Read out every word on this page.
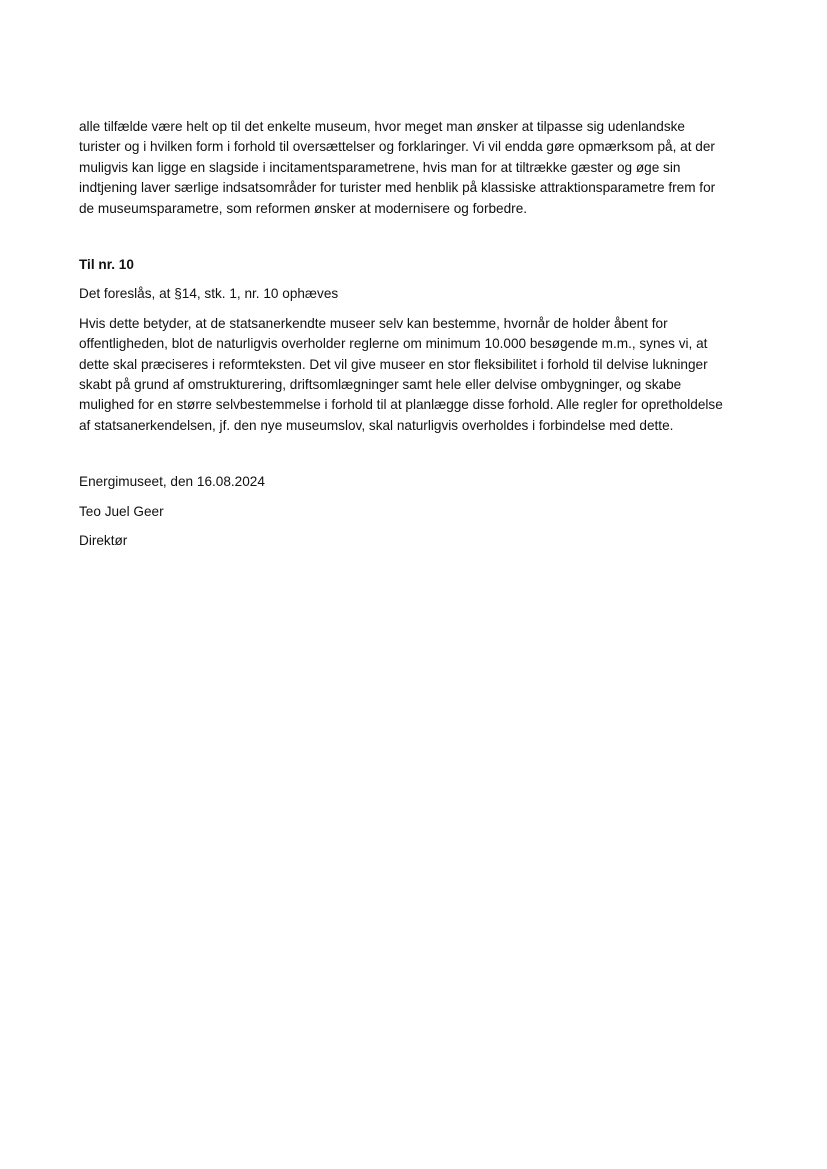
alle tilfælde være helt op til det enkelte museum, hvor meget man ønsker at tilpasse sig udenlandske
turister og i hvilken form i forhold til oversættelser og forklaringer. Vi vil endda gøre opmærksom på, at der
muligvis kan ligge en slagside i incitamentsparametrene, hvis man for at tiltrække gæster og øge sin
indtjening laver særlige indsatsområder for turister med henblik på klassiske attraktionsparametre frem for
de museumsparametre, som reformen ønsker at modernisere og forbedre.

Til nr. 10

Det foreslås, at §14, stk. 1, nr. 10 ophæves

Hvis dette betyder, at de statsanerkendte museer selv kan bestemme, hvornår de holder åbent for
offentligheden, blot de naturligvis overholder reglerne om minimum 10.000 besøgende m.m., synes vi, at
dette skal præciseres i reformteksten. Det vil give museer en stor fleksibilitet i forhold til delvise lukninger
skabt på grund af omstrukturering, driftsomlægninger samt hele eller delvise ombygninger, og skabe
mulighed for en større selvbestemmelse i forhold til at planlægge disse forhold. Alle regler for opretholdelse
af statsanerkendelsen, jf. den nye museumslov, skal naturligvis overholdes i forbindelse med dette.

Energimuseet, den 16.08.2024

Teo Juel Geer

Direktør
